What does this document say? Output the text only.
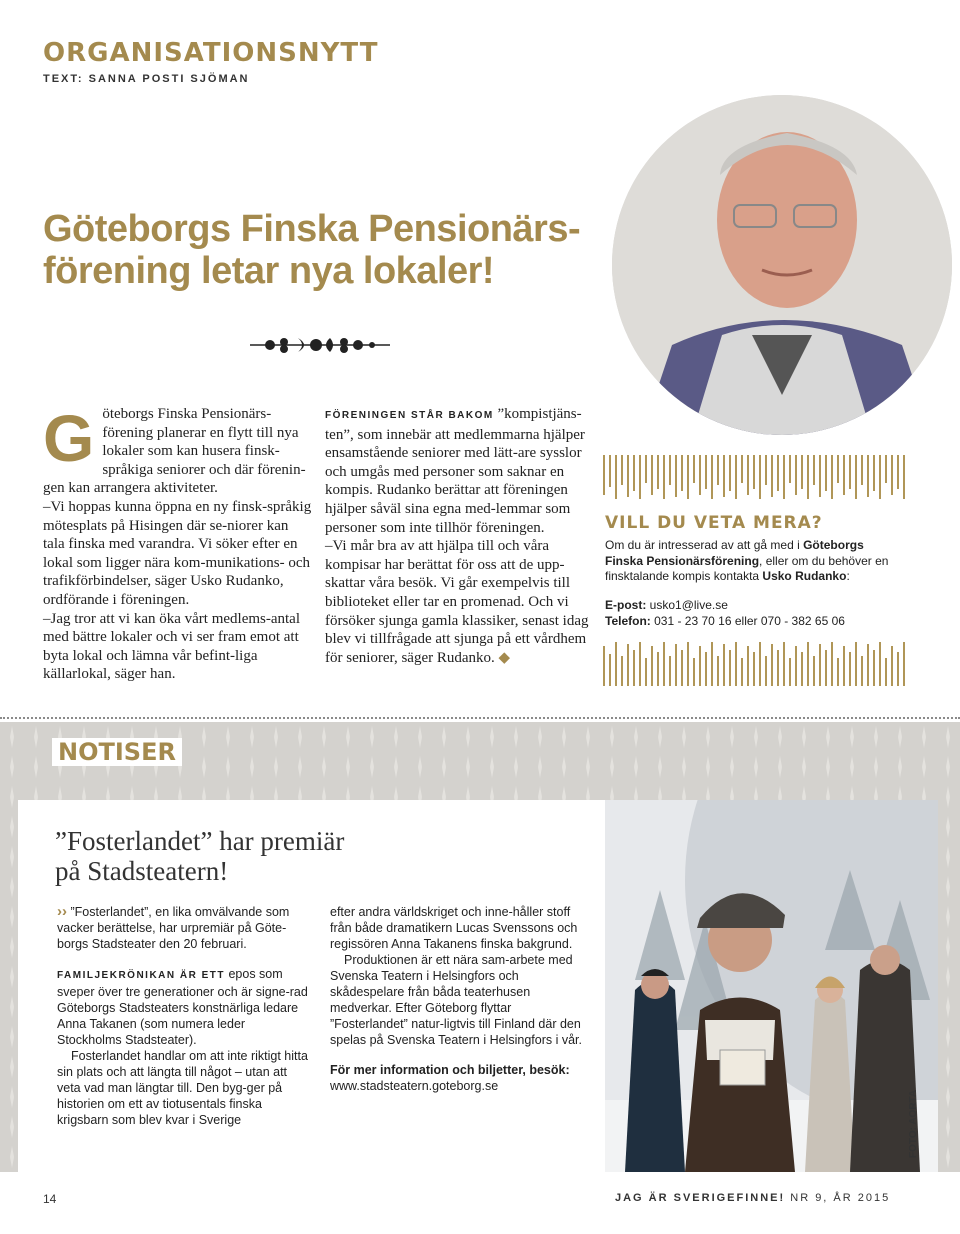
ORGANISATIONSNYTT
TEXT: SANNA POSTI SJÖMAN
Göteborgs Finska Pensionärs-
förening letar nya lokaler!

Göteborgs Finska Pensionärs-förening planerar en flytt till nya lokaler som kan husera finsk-språkiga seniorer och där förenin-gen kan arrangera aktiviteter.

–Vi hoppas kunna öppna en ny finsk-språkig mötesplats på Hisingen där se-niorer kan tala finska med varandra. Vi söker efter en lokal som ligger nära kom-munikations- och trafikförbindelser, säger Usko Rudanko, ordförande i föreningen.

–Jag tror att vi kan öka vårt medlems-antal med bättre lokaler och vi ser fram emot att byta lokal och lämna vår befint-liga källarlokal, säger han.

FÖRENINGEN STÅR BAKOM ”kompistjäns-ten”, som innebär att medlemmarna hjälper ensamstående seniorer med lätt-are sysslor och umgås med personer som saknar en kompis. Rudanko berättar att föreningen hjälper såväl sina egna med-lemmar som personer som inte tillhör föreningen.

–Vi mår bra av att hjälpa till och våra kompisar har berättat för oss att de upp-skattar våra besök. Vi går exempelvis till biblioteket eller tar en promenad. Och vi försöker sjunga gamla klassiker, senast idag blev vi tillfrågade att sjunga på ett vårdhem för seniorer, säger Rudanko. ◆

VILL DU VETA MERA?

Om du är intresserad av att gå med i Göteborgs Finska Pensionärsförening, eller om du behöver en finsktalande kompis kontakta Usko Rudanko:

E-post: usko1@live.se
Telefon: 031 - 23 70 16 eller 070 - 382 65 06
NOTISER
”Fosterlandet” har premiär
på Stadsteatern!

›› ”Fosterlandet”, en lika omvälvande som vacker berättelse, har urpremiär på Göte-borgs Stadsteater den 20 februari.

FAMILJEKRÖNIKAN ÄR ETT epos som sveper över tre generationer och är signe-rad Göteborgs Stadsteaters konstnärliga ledare Anna Takanen (som numera leder Stockholms Stadsteater).

Fosterlandet handlar om att inte riktigt hitta sin plats och att längta till något – utan att veta vad man längtar till. Den byg-ger på historien om ett av tiotusentals finska krigsbarn som blev kvar i Sverige

efter andra världskriget och inne-håller stoff från både dramatikern Lucas Svenssons och regissören Anna Takanens finska bakgrund.

Produktionen är ett nära sam-arbete med Svenska Teatern i Helsingfors och skådespelare från båda teaterhusen medverkar. Efter Göteborg flyttar ”Fosterlandet” natur-ligtvis till Finland där den spelas på Svenska Teatern i Helsingfors i vår.

För mer information och biljetter, besök: www.stadsteatern.goteborg.se

FOTO: AORTA
14	JAG ÄR SVERIGEFINNE! NR 9, ÅR 2015
